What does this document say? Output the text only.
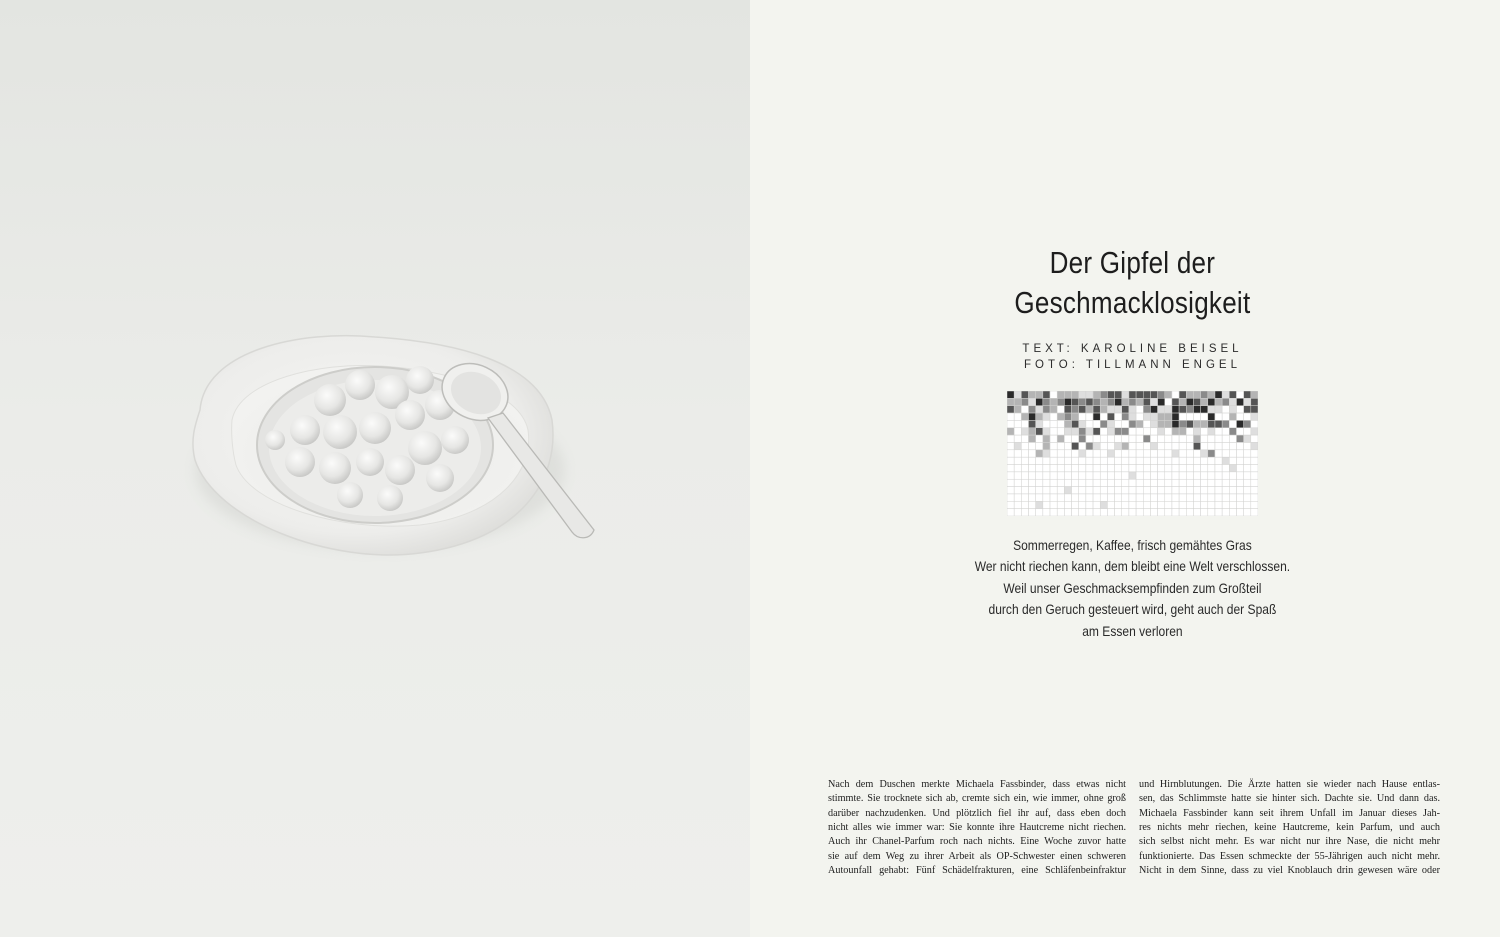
Der Gipfel der
Geschmacklosigkeit
TEXT: KAROLINE BEISEL
FOTO: TILLMANN ENGEL
Sommerregen, Kaffee, frisch gemähtes Gras
Wer nicht riechen kann, dem bleibt eine Welt verschlossen.
Weil unser Geschmacksempfinden zum Großteil
durch den Geruch gesteuert wird, geht auch der Spaß
am Essen verloren
Nach dem Duschen merkte Michaela Fassbinder, dass etwas nicht
stimmte. Sie trocknete sich ab, cremte sich ein, wie immer, ohne groß
darüber nachzudenken. Und plötzlich fiel ihr auf, dass eben doch
nicht alles wie immer war: Sie konnte ihre Hautcreme nicht riechen.
Auch ihr Chanel-Parfum roch nach nichts. Eine Woche zuvor hatte
sie auf dem Weg zu ihrer Arbeit als OP-Schwester einen schweren
Autounfall gehabt: Fünf Schädelfrakturen, eine Schläfenbeinfraktur
und Hirnblutungen. Die Ärzte hatten sie wieder nach Hause entlas-
sen, das Schlimmste hatte sie hinter sich. Dachte sie. Und dann das.
Michaela Fassbinder kann seit ihrem Unfall im Januar dieses Jah-
res nichts mehr riechen, keine Hautcreme, kein Parfum, und auch
sich selbst nicht mehr. Es war nicht nur ihre Nase, die nicht mehr
funktionierte. Das Essen schmeckte der 55-Jährigen auch nicht mehr.
Nicht in dem Sinne, dass zu viel Knoblauch drin gewesen wäre oder
